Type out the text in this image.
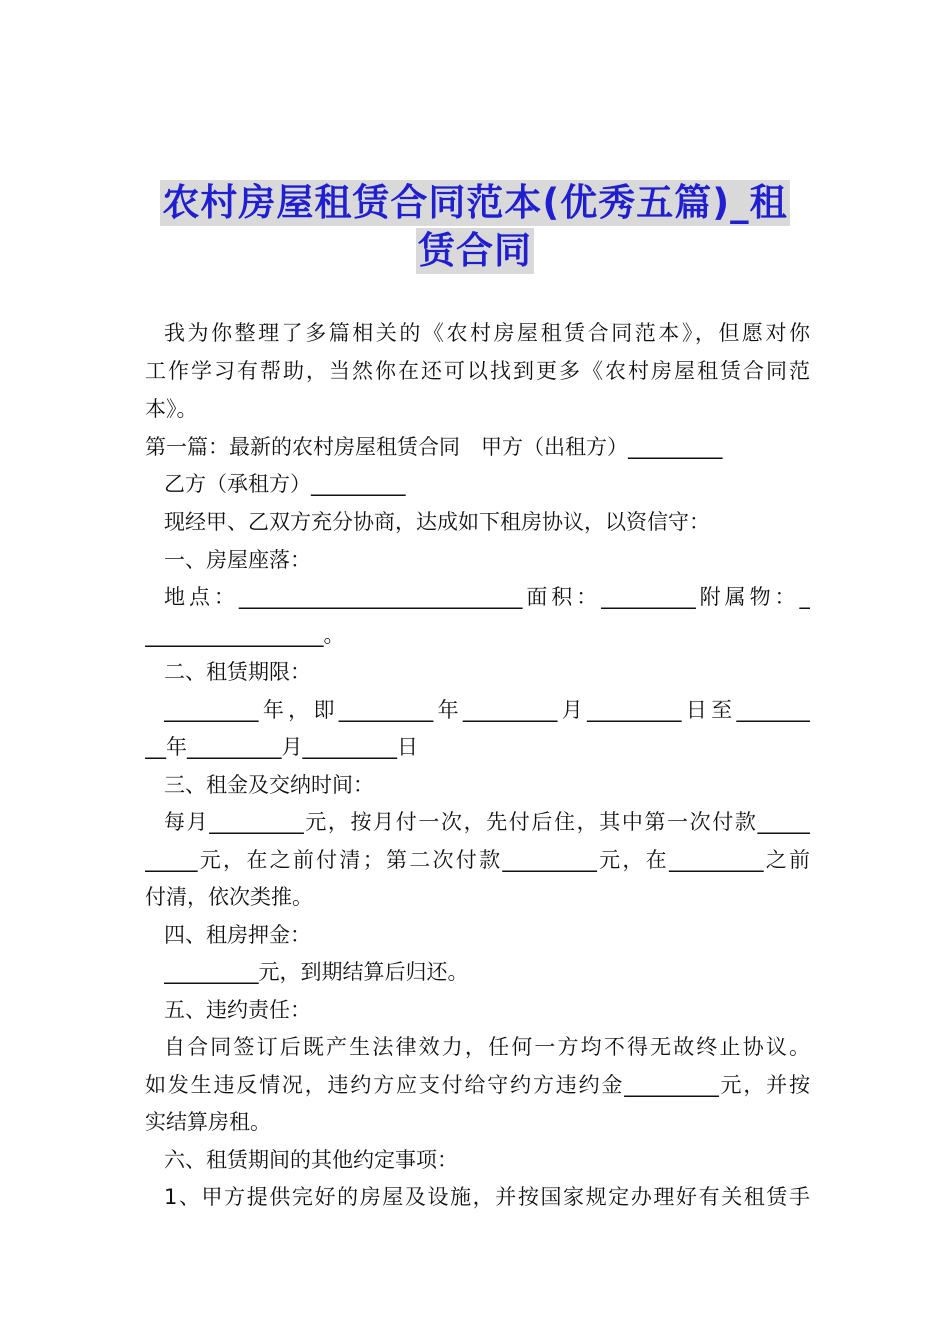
农村房屋租赁合同范本(优秀五篇)_租
赁合同
我为你整理了多篇相关的《农村房屋租赁合同范本》，但愿对你
工作学习有帮助，当然你在还可以找到更多《农村房屋租赁合同范
本》。
第一篇：最新的农村房屋租赁合同　甲方（出租方）_________
乙方（承租方）_________
现经甲、乙双方充分协商，达成如下租房协议，以资信守：
一、房屋座落：
地点：___________________________面积：_________附属物：_
_________________。
二、租赁期限：
_________年，即_________年_________月_________日至_______
__年_________月_________日
三、租金及交纳时间：
每月_________元，按月付一次，先付后住，其中第一次付款_____
_____元，在之前付清；第二次付款_________元，在_________之前
付清，依次类推。
四、租房押金：
_________元，到期结算后归还。
五、违约责任：
自合同签订后既产生法律效力，任何一方均不得无故终止协议。
如发生违反情况，违约方应支付给守约方违约金_________元，并按
实结算房租。
六、租赁期间的其他约定事项：
1、甲方提供完好的房屋及设施，并按国家规定办理好有关租赁手
